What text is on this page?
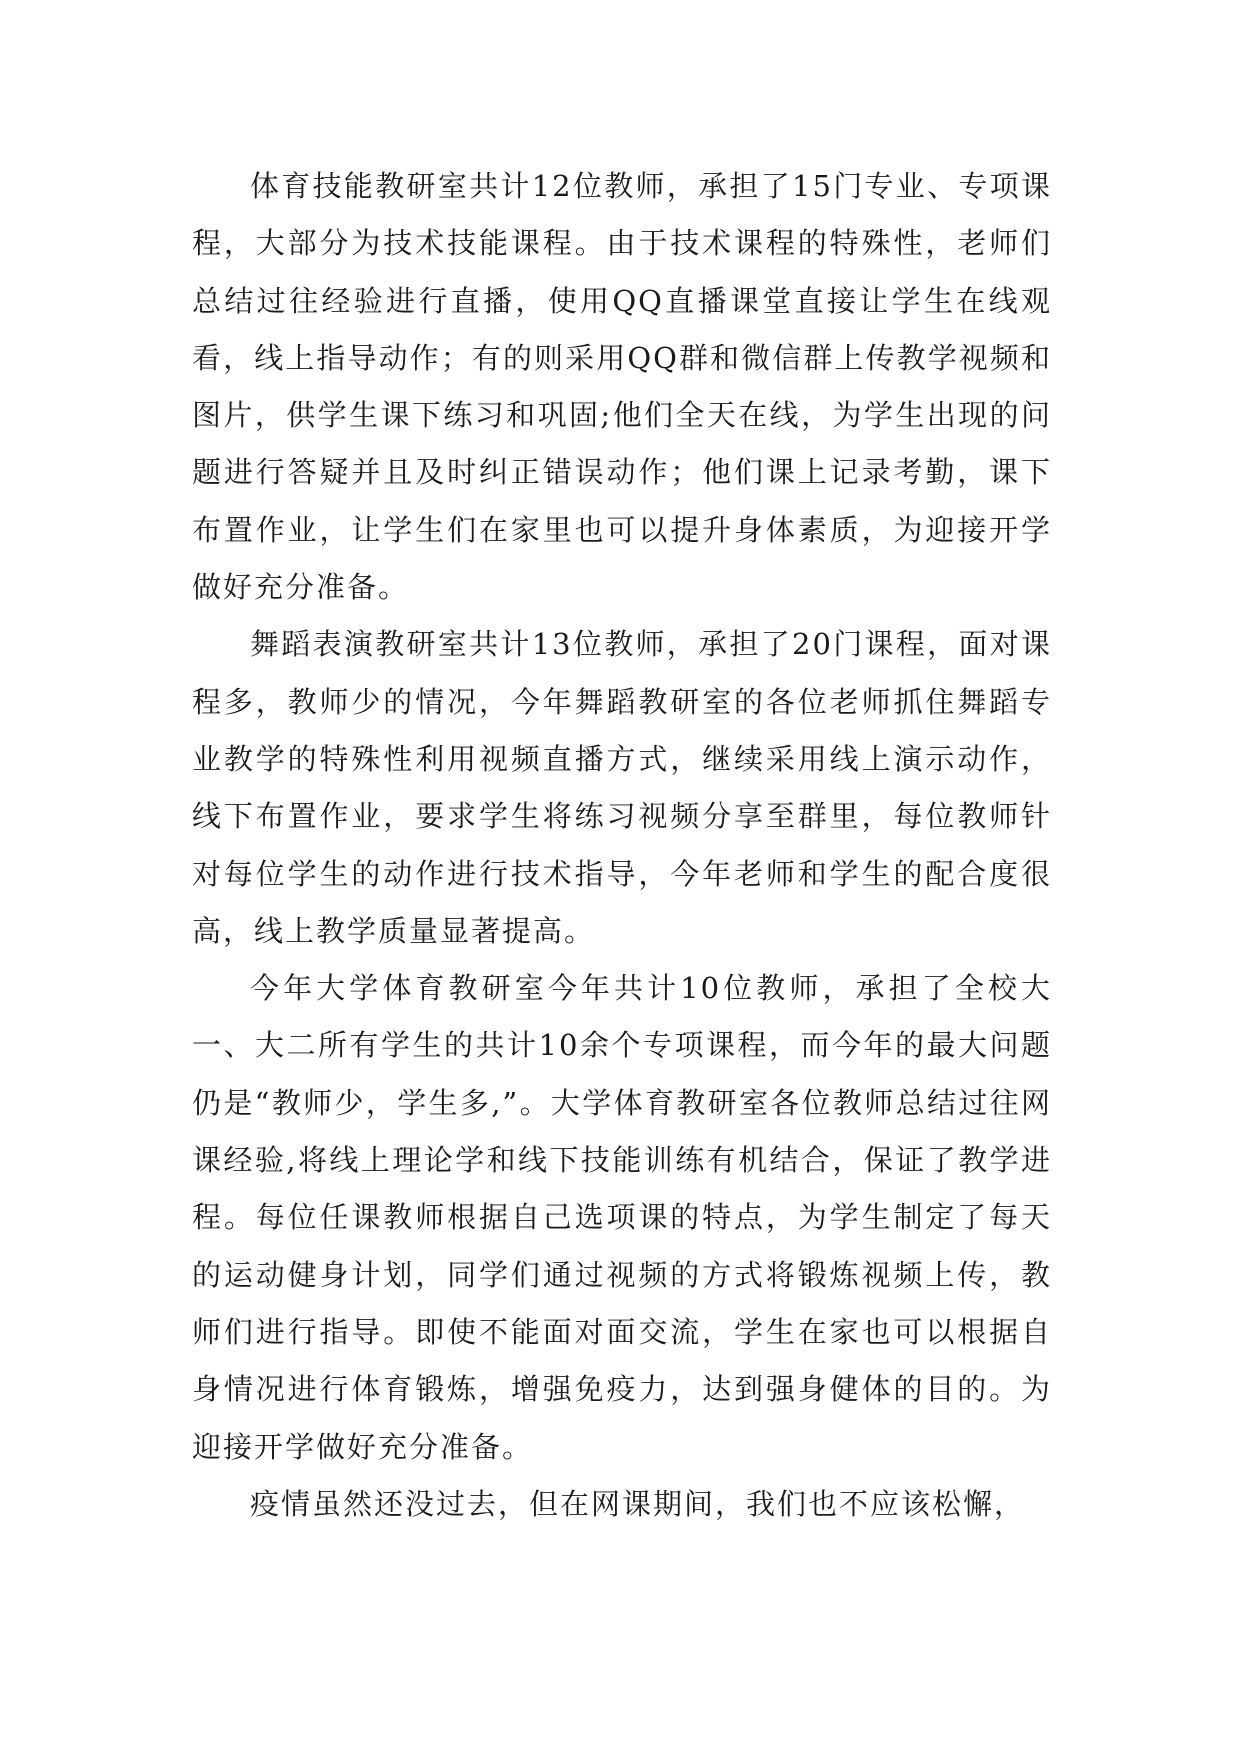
体育技能教研室共计12位教师，承担了15门专业、专项课程，大部分为技术技能课程。由于技术课程的特殊性，老师们总结过往经验进行直播，使用QQ直播课堂直接让学生在线观看，线上指导动作；有的则采用QQ群和微信群上传教学视频和图片，供学生课下练习和巩固;他们全天在线，为学生出现的问题进行答疑并且及时纠正错误动作；他们课上记录考勤，课下布置作业，让学生们在家里也可以提升身体素质，为迎接开学做好充分准备。

舞蹈表演教研室共计13位教师，承担了20门课程，面对课程多，教师少的情况，今年舞蹈教研室的各位老师抓住舞蹈专业教学的特殊性利用视频直播方式，继续采用线上演示动作，线下布置作业，要求学生将练习视频分享至群里，每位教师针对每位学生的动作进行技术指导，今年老师和学生的配合度很高，线上教学质量显著提高。

今年大学体育教研室今年共计10位教师，承担了全校大一、大二所有学生的共计10余个专项课程，而今年的最大问题仍是“教师少，学生多,”。大学体育教研室各位教师总结过往网课经验,将线上理论学和线下技能训练有机结合，保证了教学进程。每位任课教师根据自己选项课的特点，为学生制定了每天的运动健身计划，同学们通过视频的方式将锻炼视频上传，教师们进行指导。即使不能面对面交流，学生在家也可以根据自身情况进行体育锻炼，增强免疫力，达到强身健体的目的。为迎接开学做好充分准备。

疫情虽然还没过去，但在网课期间，我们也不应该松懈，
